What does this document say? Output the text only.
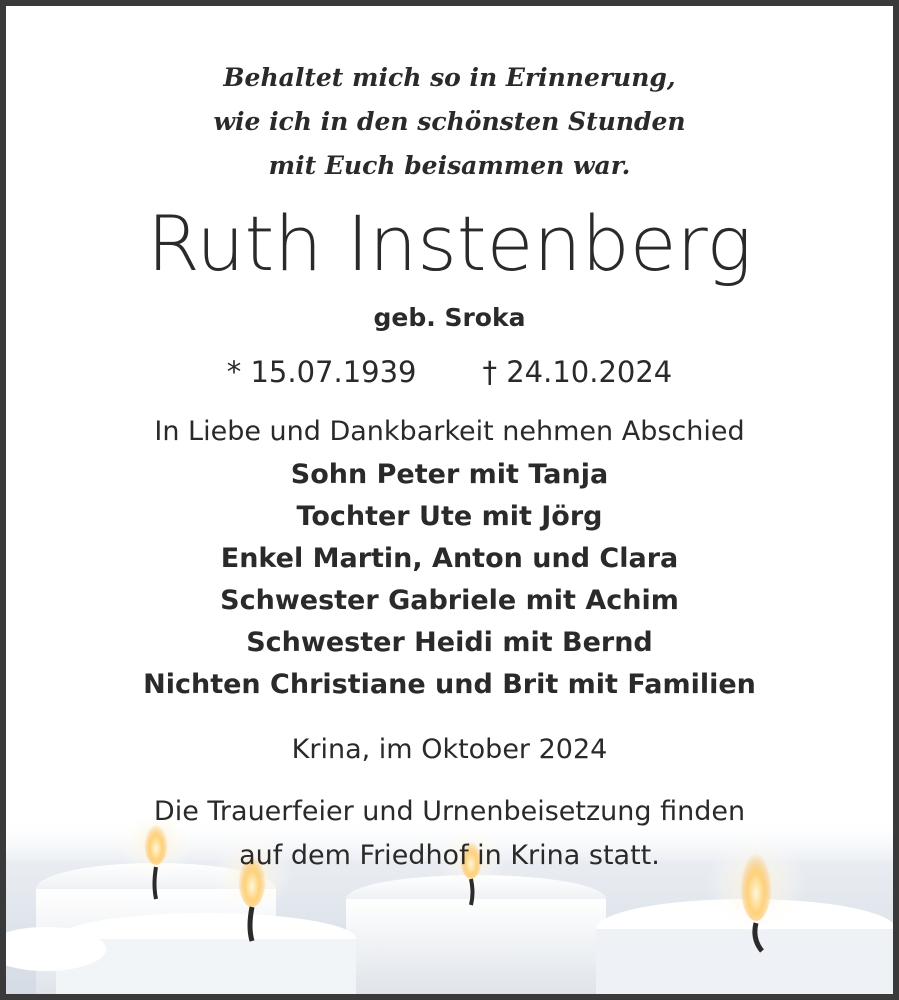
Behaltet mich so in Erinnerung,
wie ich in den schönsten Stunden
mit Euch beisammen war.
Ruth Instenberg
geb. Sroka
* 15.07.1939 † 24.10.2024
In Liebe und Dankbarkeit nehmen Abschied
Sohn Peter mit Tanja
Tochter Ute mit Jörg
Enkel Martin, Anton und Clara
Schwester Gabriele mit Achim
Schwester Heidi mit Bernd
Nichten Christiane und Brit mit Familien
Krina, im Oktober 2024
Die Trauerfeier und Urnenbeisetzung finden
auf dem Friedhof in Krina statt.
